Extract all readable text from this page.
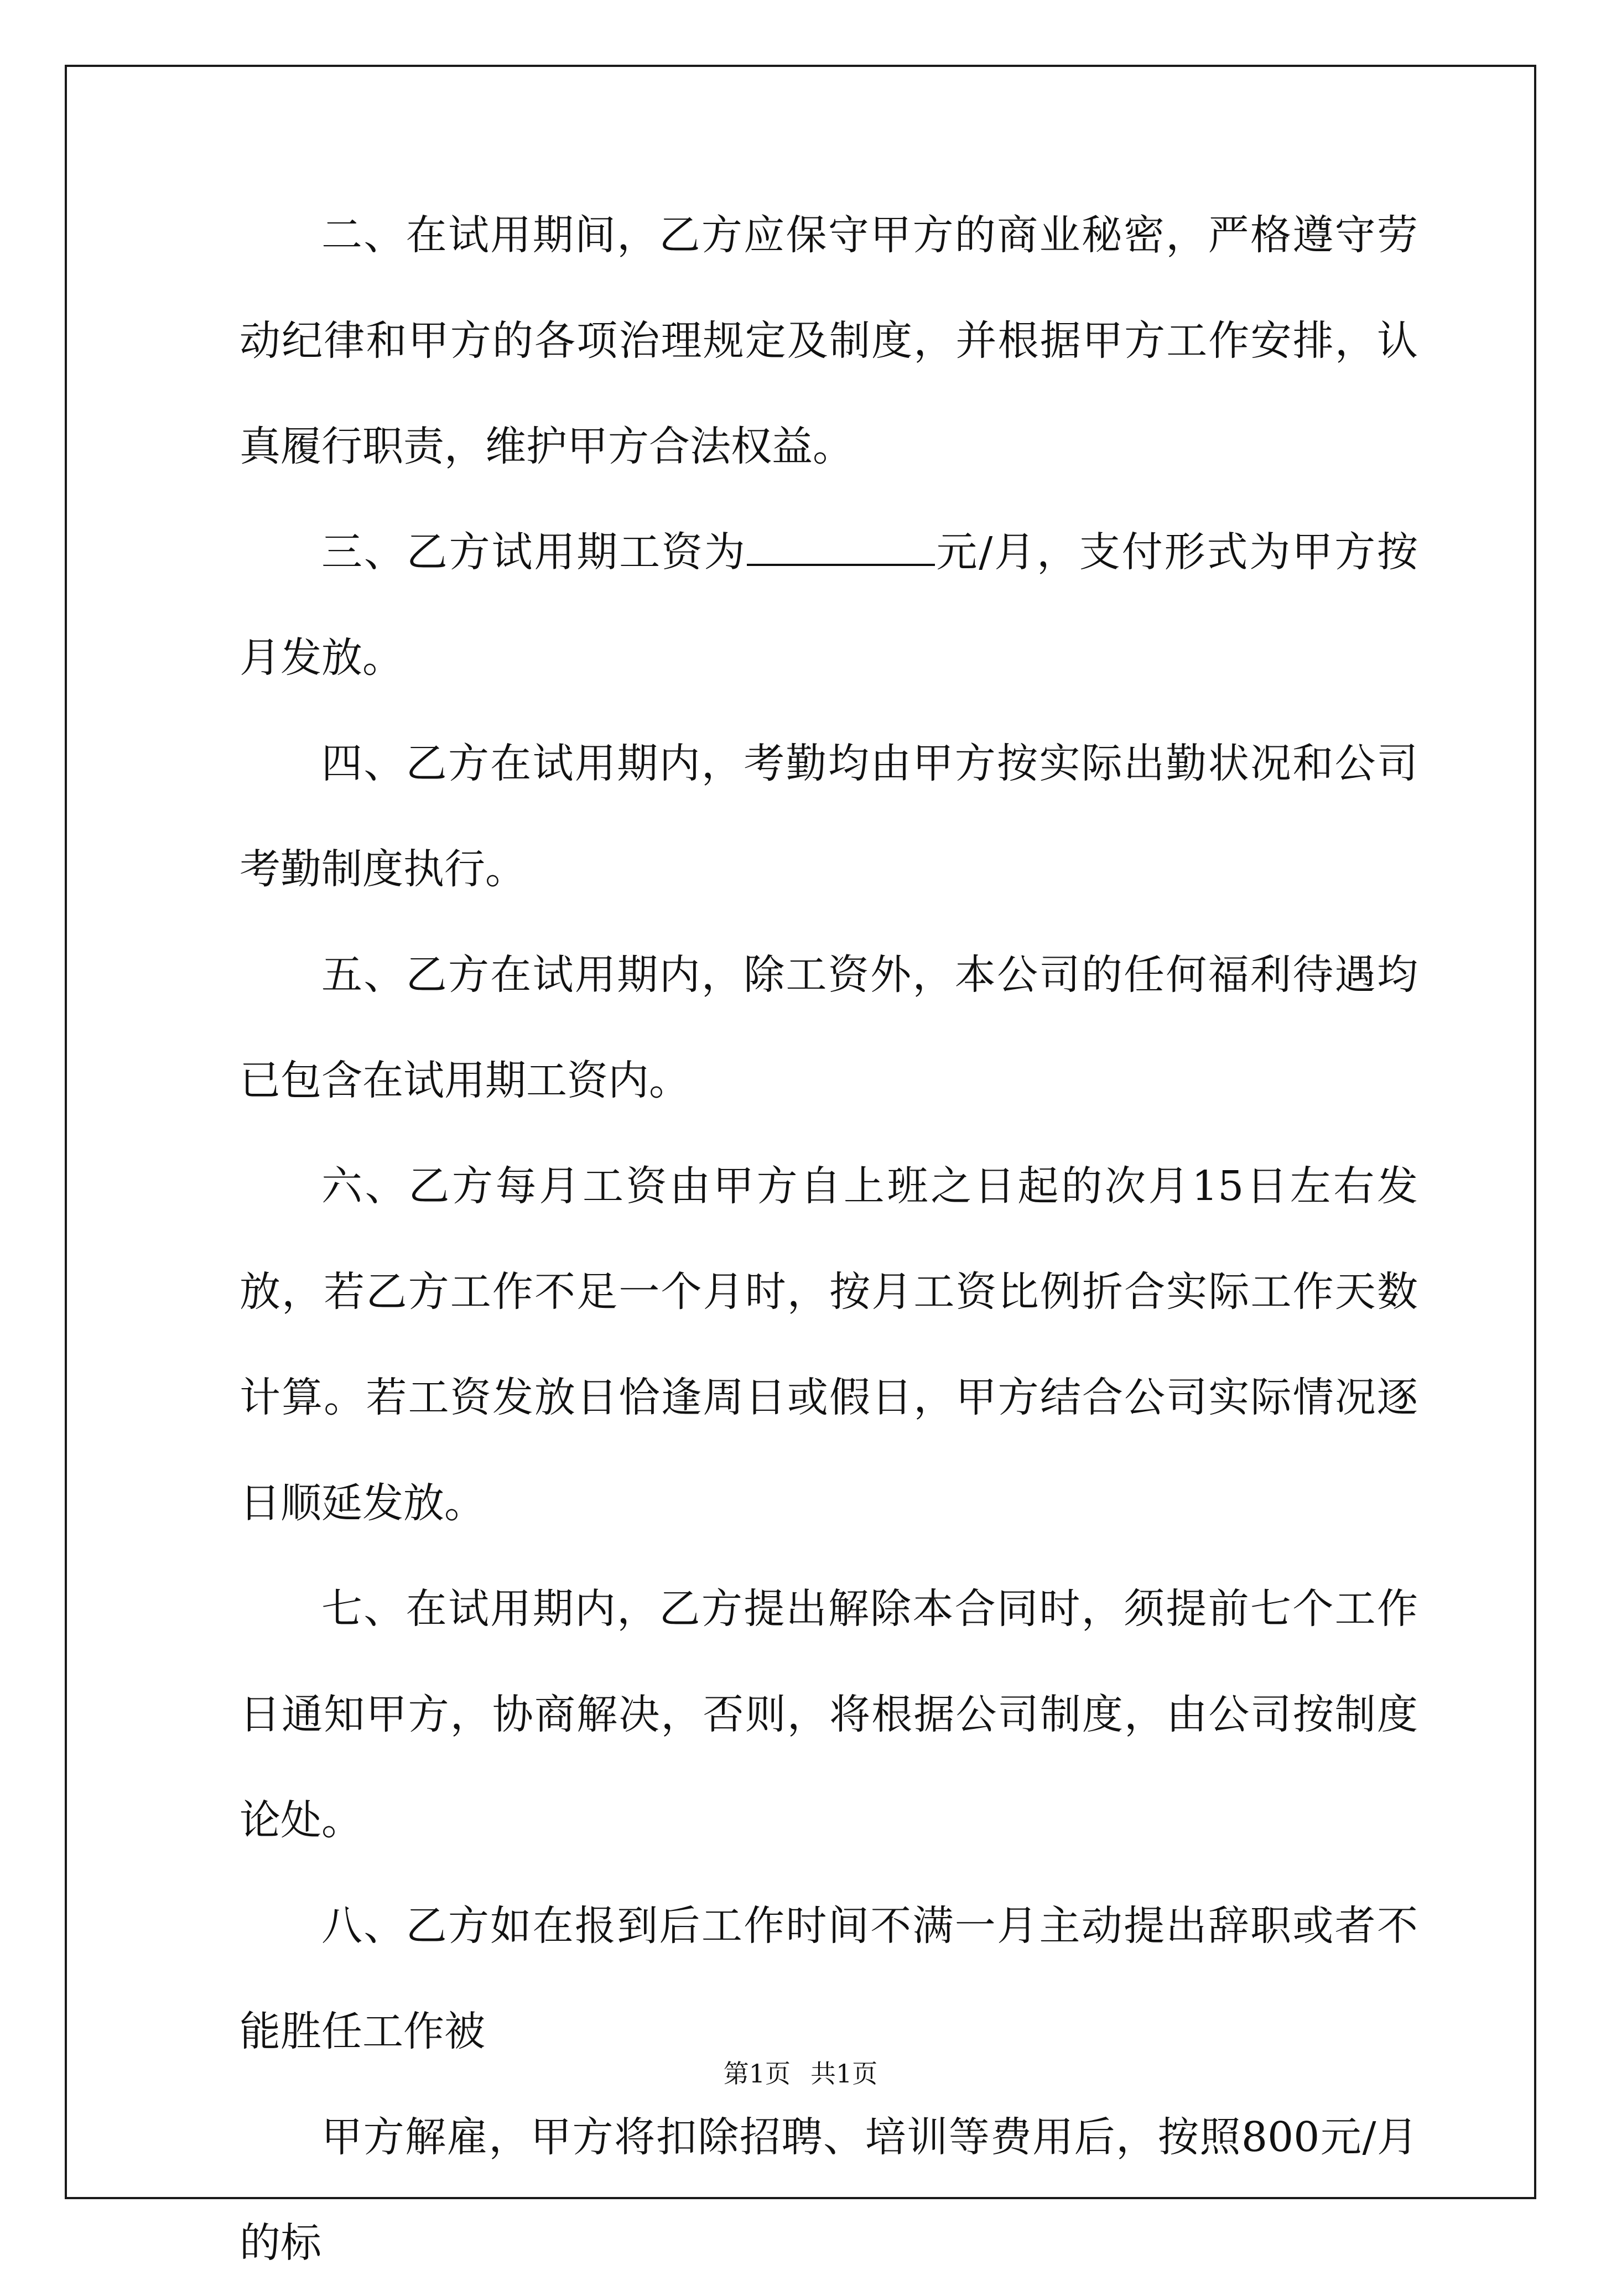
二、在试用期间，乙方应保守甲方的商业秘密，严格遵守劳动纪律和甲方的各项治理规定及制度，并根据甲方工作安排，认真履行职责，维护甲方合法权益。

三、乙方试用期工资为	元/月，支付形式为甲方按月发放。

四、乙方在试用期内，考勤均由甲方按实际出勤状况和公司考勤制度执行。

五、乙方在试用期内，除工资外，本公司的任何福利待遇均已包含在试用期工资内。

六、乙方每月工资由甲方自上班之日起的次月15日左右发放，若乙方工作不足一个月时，按月工资比例折合实际工作天数计算。若工资发放日恰逢周日或假日，甲方结合公司实际情况逐日顺延发放。

七、在试用期内，乙方提出解除本合同时，须提前七个工作日通知甲方，协商解决，否则，将根据公司制度，由公司按制度论处。

八、乙方如在报到后工作时间不满一月主动提出辞职或者不能胜任工作被

甲方解雇，甲方将扣除招聘、培训等费用后，按照800元/月的标

第1页 共1页
